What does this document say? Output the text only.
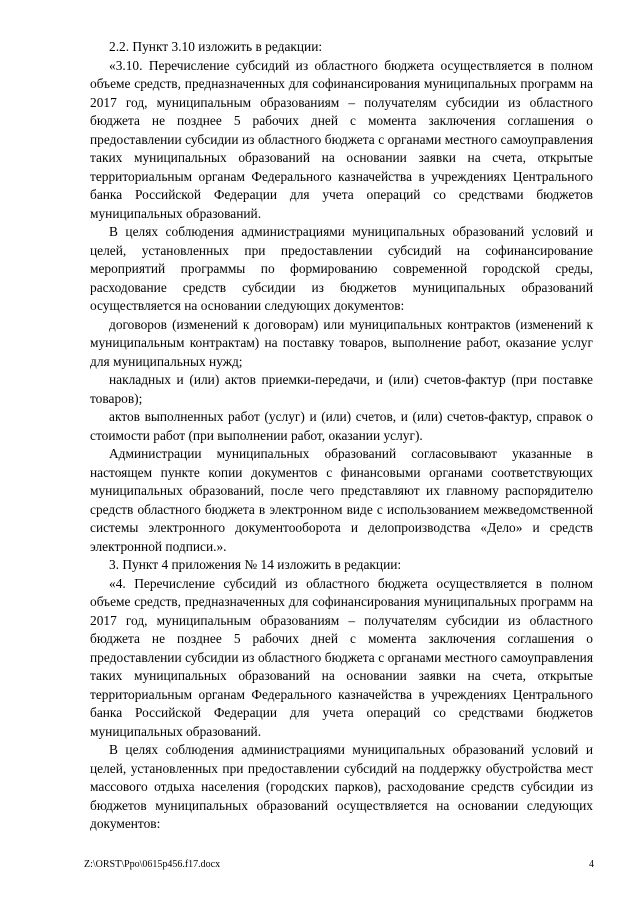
2.2. Пункт 3.10 изложить в редакции:

«3.10. Перечисление субсидий из областного бюджета осуществляется в полном объеме средств, предназначенных для софинансирования муниципальных программ на 2017 год, муниципальным образованиям – получателям субсидии из областного бюджета не позднее 5 рабочих дней с момента заключения соглашения о предоставлении субсидии из областного бюджета с органами местного самоуправления таких муниципальных образований на основании заявки на счета, открытые территориальным органам Федерального казначейства в учреждениях Центрального банка Российской Федерации для учета операций со средствами бюджетов муниципальных образований.

В целях соблюдения администрациями муниципальных образований условий и целей, установленных при предоставлении субсидий на софинансирование мероприятий программы по формированию современной городской среды, расходование средств субсидии из бюджетов муниципальных образований осуществляется на основании следующих документов:

договоров (изменений к договорам) или муниципальных контрактов (изменений к муниципальным контрактам) на поставку товаров, выполнение работ, оказание услуг для муниципальных нужд;

накладных и (или) актов приемки-передачи, и (или) счетов-фактур (при поставке товаров);

актов выполненных работ (услуг) и (или) счетов, и (или) счетов-фактур, справок о стоимости работ (при выполнении работ, оказании услуг).

Администрации муниципальных образований согласовывают указанные в настоящем пункте копии документов с финансовыми органами соответствующих муниципальных образований, после чего представляют их главному распорядителю средств областного бюджета в электронном виде с использованием межведомственной системы электронного документооборота и делопроизводства «Дело» и средств электронной подписи.».

3. Пункт 4 приложения № 14 изложить в редакции:

«4. Перечисление субсидий из областного бюджета осуществляется в полном объеме средств, предназначенных для софинансирования муниципальных программ на 2017 год, муниципальным образованиям – получателям субсидии из областного бюджета не позднее 5 рабочих дней с момента заключения соглашения о предоставлении субсидии из областного бюджета с органами местного самоуправления таких муниципальных образований на основании заявки на счета, открытые территориальным органам Федерального казначейства в учреждениях Центрального банка Российской Федерации для учета операций со средствами бюджетов муниципальных образований.

В целях соблюдения администрациями муниципальных образований условий и целей, установленных при предоставлении субсидий на поддержку обустройства мест массового отдыха населения (городских парков), расходование средств субсидии из бюджетов муниципальных образований осуществляется на основании следующих документов:

Z:\ORST\Ppo\0615p456.f17.docx	4
